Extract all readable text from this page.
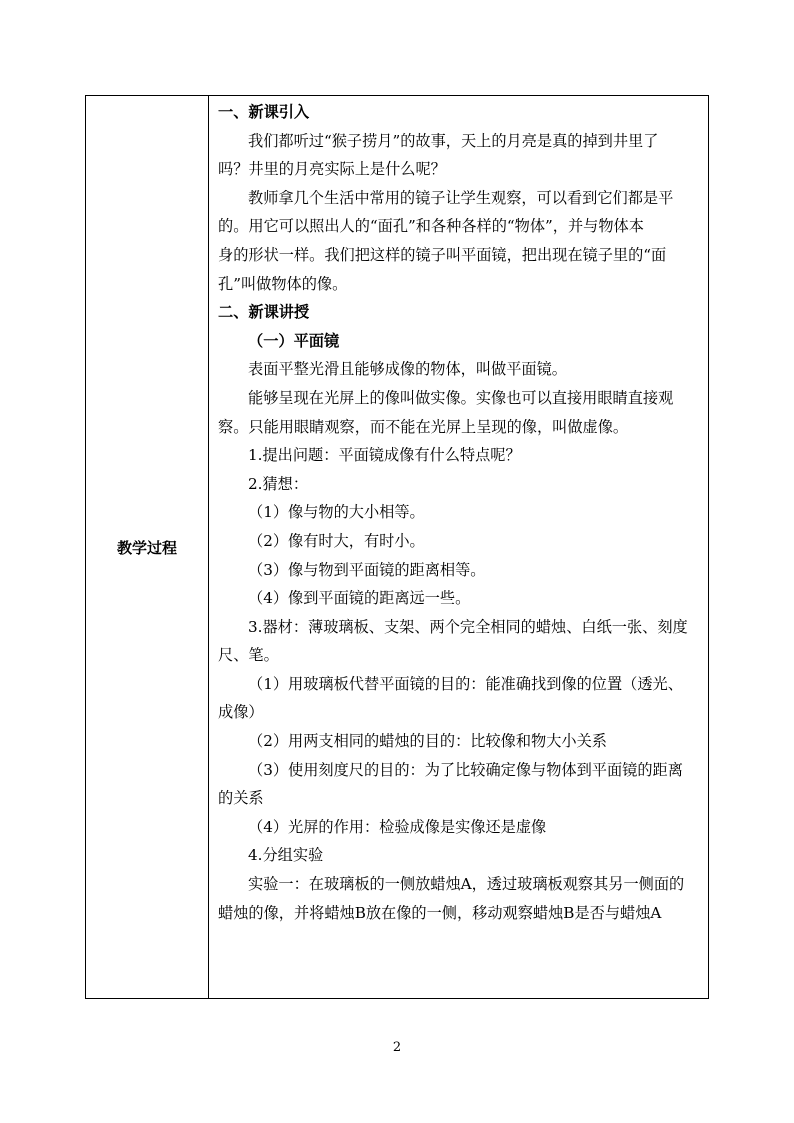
教学过程

一、新课引入

我们都听过“猴子捞月”的故事，天上的月亮是真的掉到井里了

吗？井里的月亮实际上是什么呢？

教师拿几个生活中常用的镜子让学生观察，可以看到它们都是平

的。用它可以照出人的“面孔”和各种各样的“物体”，并与物体本

身的形状一样。我们把这样的镜子叫平面镜，把出现在镜子里的“面

孔”叫做物体的像。

二、新课讲授

（一）平面镜

表面平整光滑且能够成像的物体，叫做平面镜。

能够呈现在光屏上的像叫做实像。实像也可以直接用眼睛直接观

察。只能用眼睛观察，而不能在光屏上呈现的像，叫做虚像。

1.提出问题：平面镜成像有什么特点呢？

2.猜想：

（1）像与物的大小相等。

（2）像有时大，有时小。

（3）像与物到平面镜的距离相等。

（4）像到平面镜的距离远一些。

3.器材：薄玻璃板、支架、两个完全相同的蜡烛、白纸一张、刻度

尺、笔。

（1）用玻璃板代替平面镜的目的：能准确找到像的位置（透光、

成像）

（2）用两支相同的蜡烛的目的：比较像和物大小关系

（3）使用刻度尺的目的：为了比较确定像与物体到平面镜的距离

的关系

（4）光屏的作用：检验成像是实像还是虚像

4.分组实验

实验一：在玻璃板的一侧放蜡烛A，透过玻璃板观察其另一侧面的

蜡烛的像，并将蜡烛B放在像的一侧，移动观察蜡烛B是否与蜡烛A

2
